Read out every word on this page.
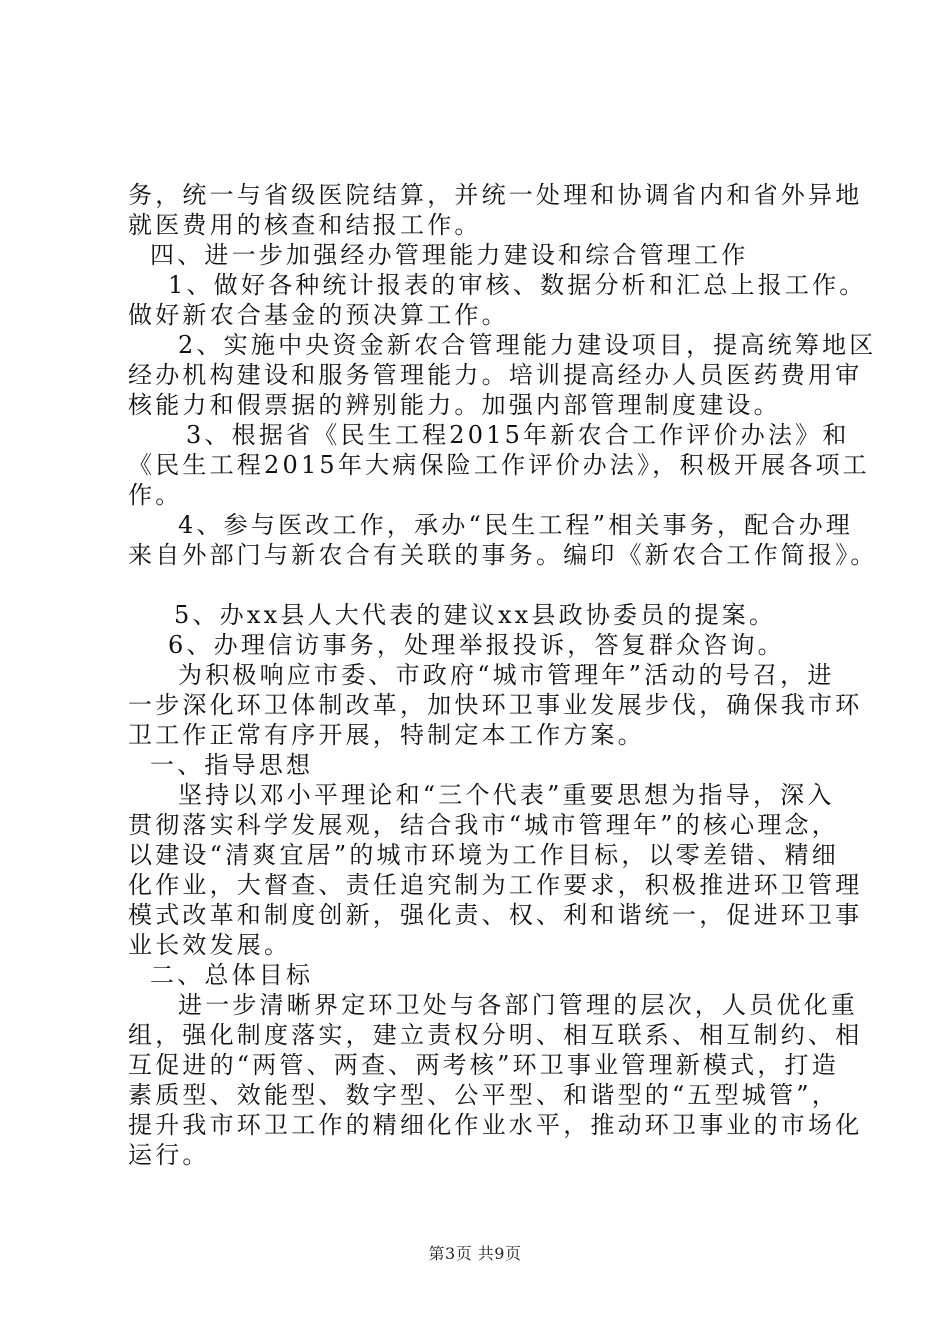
务，统一与省级医院结算，并统一处理和协调省内和省外异地
就医费用的核查和结报工作。
四、进一步加强经办管理能力建设和综合管理工作
1、做好各种统计报表的审核、数据分析和汇总上报工作。
做好新农合基金的预决算工作。
2、实施中央资金新农合管理能力建设项目，提高统筹地区
经办机构建设和服务管理能力。培训提高经办人员医药费用审
核能力和假票据的辨别能力。加强内部管理制度建设。
3、根据省《民生工程2015年新农合工作评价办法》和
《民生工程2015年大病保险工作评价办法》，积极开展各项工
作。
4、参与医改工作，承办“民生工程”相关事务，配合办理
来自外部门与新农合有关联的事务。编印《新农合工作简报》。
5、办xx县人大代表的建议xx县政协委员的提案。
6、办理信访事务，处理举报投诉，答复群众咨询。
为积极响应市委、市政府“城市管理年”活动的号召，进
一步深化环卫体制改革，加快环卫事业发展步伐，确保我市环
卫工作正常有序开展，特制定本工作方案。
一、指导思想
坚持以邓小平理论和“三个代表”重要思想为指导，深入
贯彻落实科学发展观，结合我市“城市管理年”的核心理念，
以建设“清爽宜居”的城市环境为工作目标，以零差错、精细
化作业，大督查、责任追究制为工作要求，积极推进环卫管理
模式改革和制度创新，强化责、权、利和谐统一，促进环卫事
业长效发展。
二、总体目标
进一步清晰界定环卫处与各部门管理的层次，人员优化重
组，强化制度落实，建立责权分明、相互联系、相互制约、相
互促进的“两管、两查、两考核”环卫事业管理新模式，打造
素质型、效能型、数字型、公平型、和谐型的“五型城管”，
提升我市环卫工作的精细化作业水平，推动环卫事业的市场化
运行。
第3页 共9页
